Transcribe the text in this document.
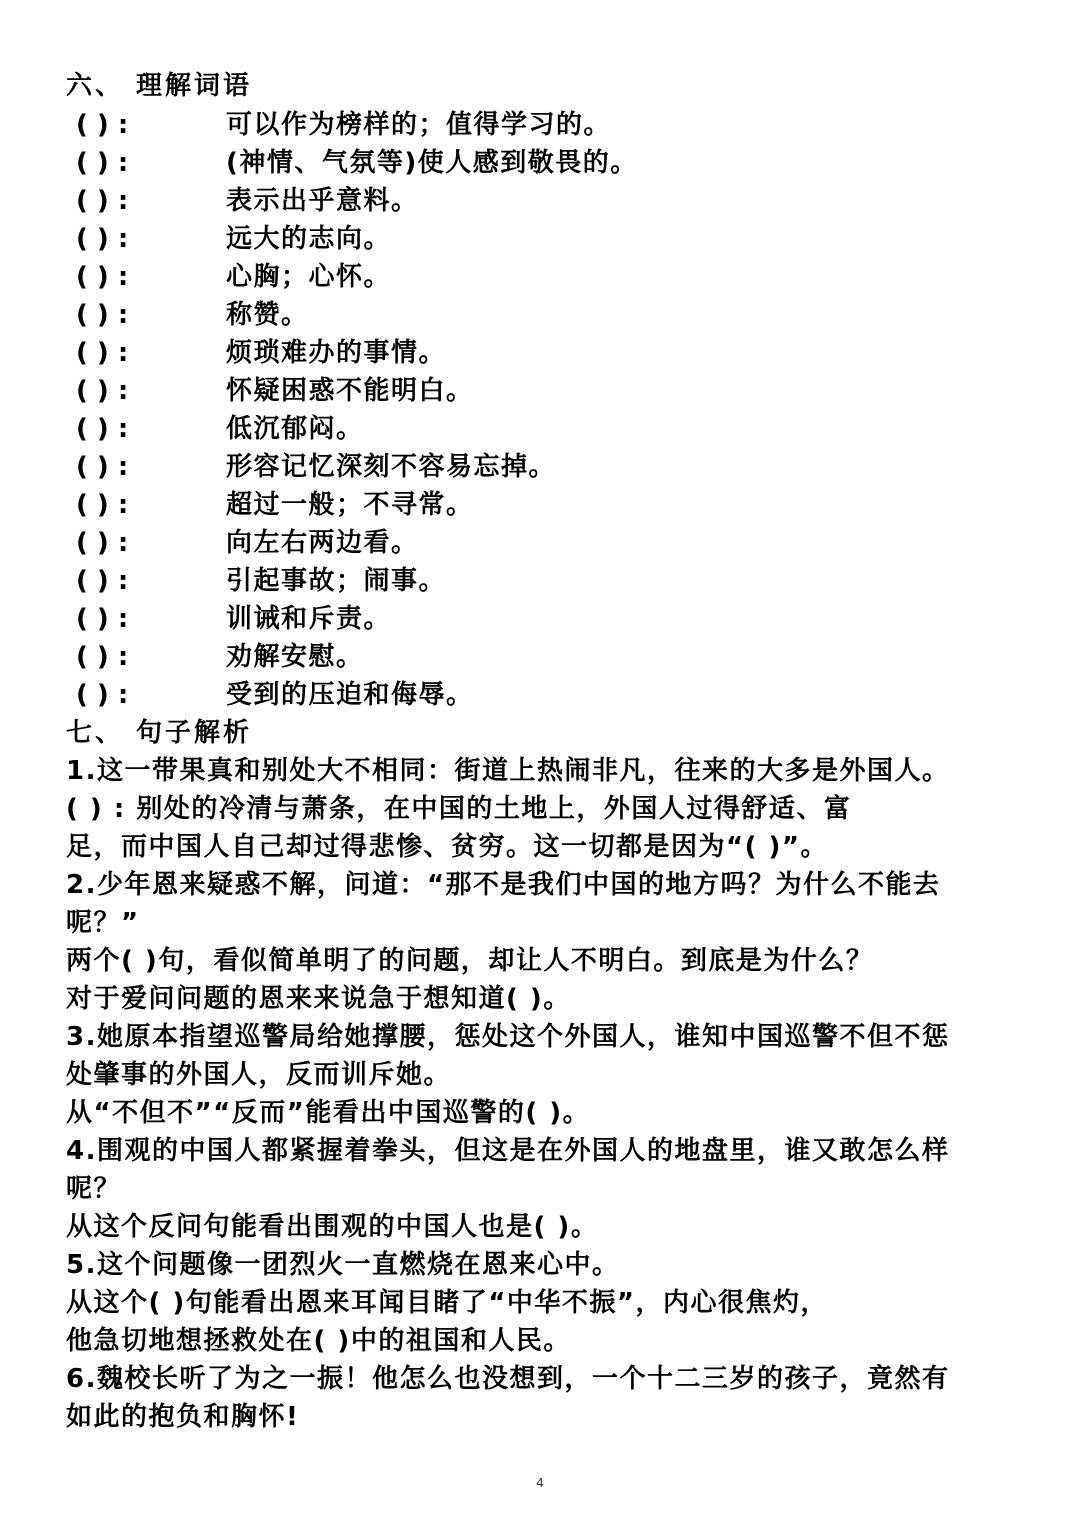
六、 理解词语
( ) :	可以作为榜样的；值得学习的。
( ) :	(神情、气氛等)使人感到敬畏的。
( ) :	表示出乎意料。
( ) :	远大的志向。
( ) :	心胸；心怀。
( ) :	称赞。
( ) :	烦琐难办的事情。
( ) :	怀疑困惑不能明白。
( ) :	低沉郁闷。
( ) :	形容记忆深刻不容易忘掉。
( ) :	超过一般；不寻常。
( ) :	向左右两边看。
( ) :	引起事故；闹事。
( ) :	训诫和斥责。
( ) :	劝解安慰。
( ) :	受到的压迫和侮辱。
七、 句子解析
1.这一带果真和别处大不相同：街道上热闹非凡，往来的大多是外国人。
( ) : 别处的冷清与萧条，在中国的土地上，外国人过得舒适、富
足，而中国人自己却过得悲惨、贫穷。这一切都是因为“( )”。
2.少年恩来疑惑不解，问道：“那不是我们中国的地方吗？为什么不能去
呢？”
两个( )句，看似简单明了的问题，却让人不明白。到底是为什么？
对于爱问问题的恩来来说急于想知道( )。
3.她原本指望巡警局给她撑腰，惩处这个外国人，谁知中国巡警不但不惩
处肇事的外国人，反而训斥她。
从“不但不”“反而”能看出中国巡警的( )。
4.围观的中国人都紧握着拳头，但这是在外国人的地盘里，谁又敢怎么样
呢？
从这个反问句能看出围观的中国人也是( )。
5.这个问题像一团烈火一直燃烧在恩来心中。
从这个( )句能看出恩来耳闻目睹了“中华不振”，内心很焦灼，
他急切地想拯救处在( )中的祖国和人民。
6.魏校长听了为之一振！他怎么也没想到，一个十二三岁的孩子，竟然有
如此的抱负和胸怀!
4
